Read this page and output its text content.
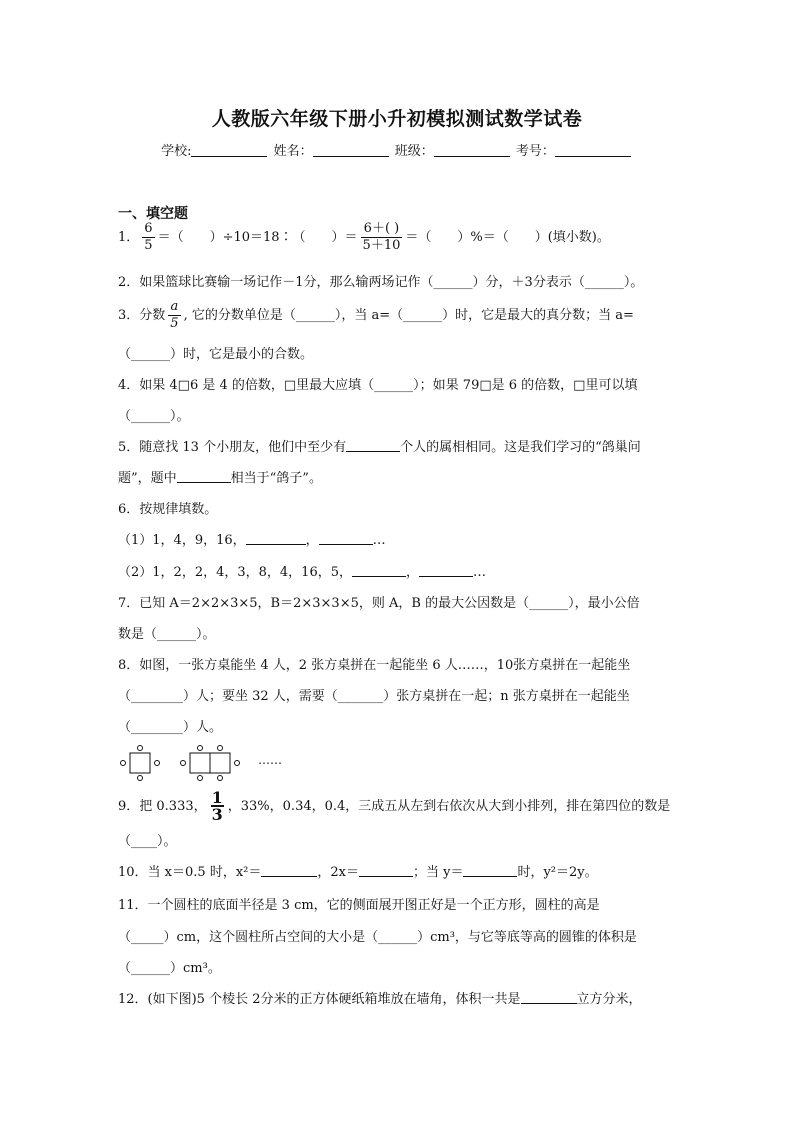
人教版六年级下册小升初模拟测试数学试卷
学校:	姓名：	班级：	考号：
一、填空题
1． $\frac{6}{5}$ ＝（　　）÷10＝18∶（　　）＝ $\frac{6+( )}{5+10}$ ＝（　　）%＝（　　）(填小数)。
2．如果篮球比赛输一场记作－1分，那么输两场记作（______）分，＋3分表示（______）。
3．分数 $\frac{a}{5}$ , 它的分数单位是（______），当 a=（______）时，它是最大的真分数；当 a=
（______）时，它是最小的合数。
4．如果 4□6 是 4 的倍数，□里最大应填（______）；如果 79□是 6 的倍数，□里可以填
（______）。
5．随意找 13 个小朋友，他们中至少有	个人的属相相同。这是我们学习的“鸽巢问
题”，题中	相当于“鸽子”。
6．按规律填数。
（1）1，4，9，16，	，	…
（2）1，2，2，4，3，8，4，16，5，	，	…
7．已知 A＝2×2×3×5，B＝2×3×3×5，则 A，B 的最大公因数是（______），最小公倍
数是（______）。
8．如图，一张方桌能坐 4 人，2 张方桌拼在一起能坐 6 人……，10张方桌拼在一起能坐
（________）人；要坐 32 人，需要（_______）张方桌拼在一起；n 张方桌拼在一起能坐
（________）人。
……
9．把 0.333， $\frac{1}{3}$ ，33%，0.34，0.4，三成五从左到右依次从大到小排列，排在第四位的数是
（____）。
10．当 x＝0.5 时，x²＝	，2x＝	；当 y＝	时，y²＝2y。
11．一个圆柱的底面半径是 3 cm，它的侧面展开图正好是一个正方形，圆柱的高是
（_____）cm，这个圆柱所占空间的大小是（______）cm³，与它等底等高的圆锥的体积是
（______）cm³。
12．(如下图)5 个棱长 2分米的正方体硬纸箱堆放在墙角，体积一共是	立方分米，
